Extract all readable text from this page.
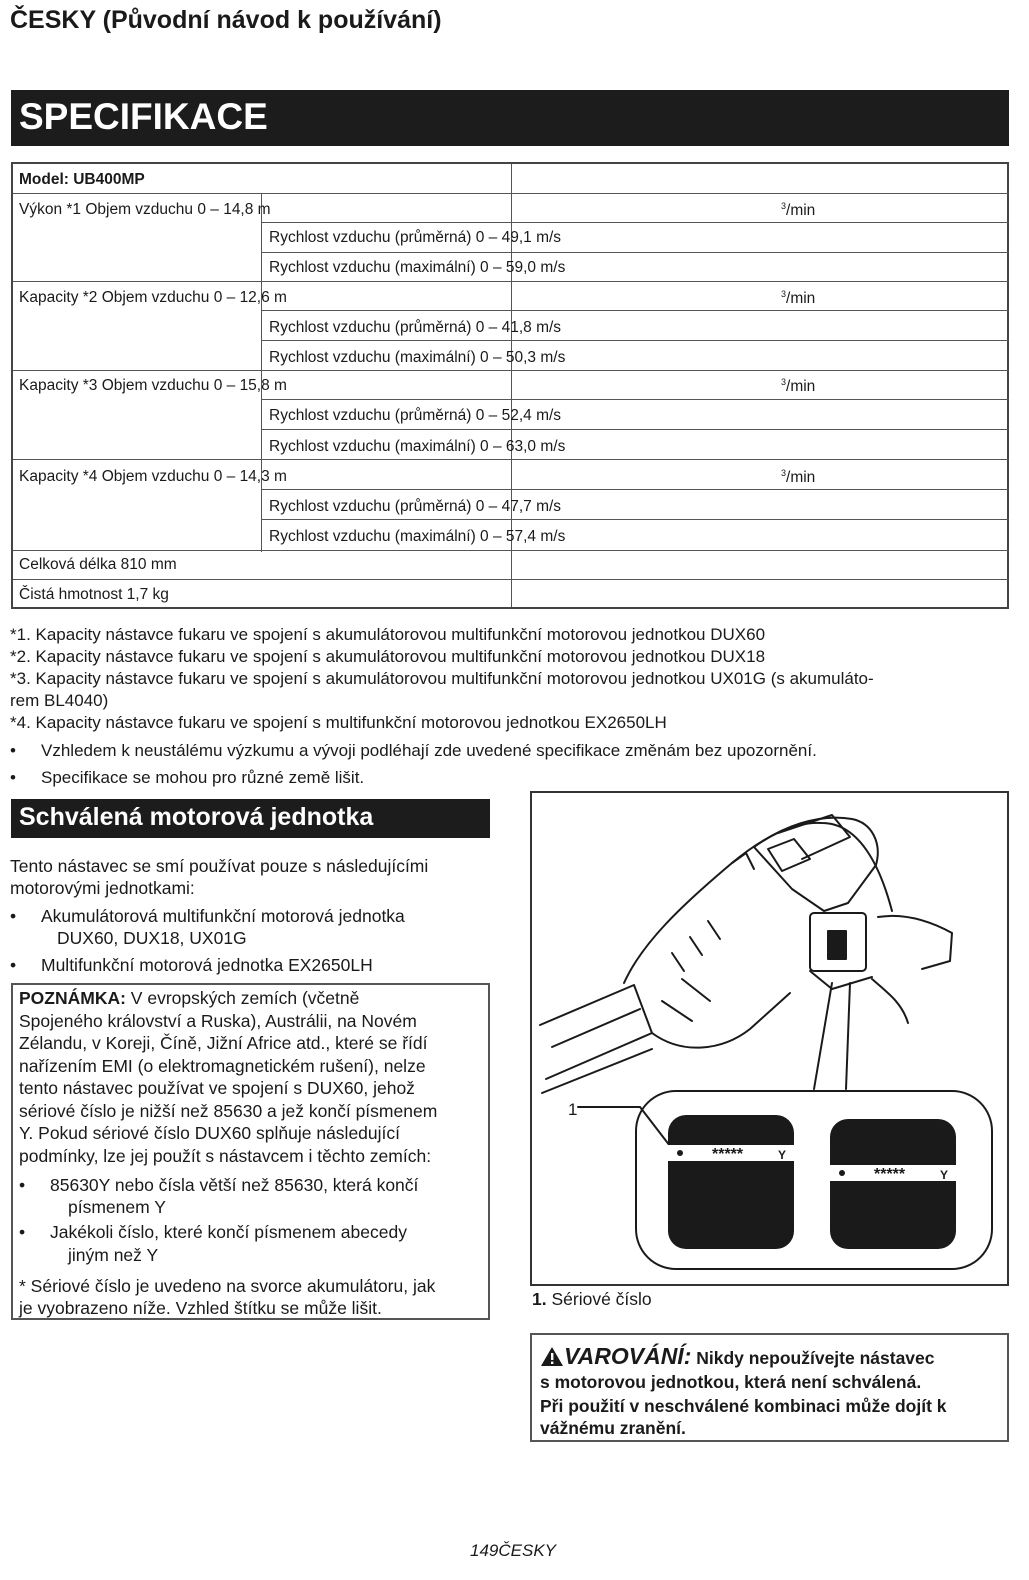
ČESKY (Původní návod k používání)
SPECIFIKACE
Model: UB400MP
Výkon *1 Objem vzduchu 0 – 14,8 m	$^3$/min
Rychlost vzduchu (průměrná) 0 – 49,1 m/s
Rychlost vzduchu (maximální) 0 – 59,0 m/s
Kapacity *2 Objem vzduchu 0 – 12,6 m	$^3$/min
Rychlost vzduchu (průměrná) 0 – 41,8 m/s
Rychlost vzduchu (maximální) 0 – 50,3 m/s
Kapacity *3 Objem vzduchu 0 – 15,8 m	$^3$/min
Rychlost vzduchu (průměrná) 0 – 52,4 m/s
Rychlost vzduchu (maximální) 0 – 63,0 m/s
Kapacity *4 Objem vzduchu 0 – 14,3 m	$^3$/min
Rychlost vzduchu (průměrná) 0 – 47,7 m/s
Rychlost vzduchu (maximální) 0 – 57,4 m/s
Celková délka 810 mm
Čistá hmotnost 1,7 kg
*1. Kapacity nástavce fukaru ve spojení s akumulátorovou multifunkční motorovou jednotkou DUX60
*2. Kapacity nástavce fukaru ve spojení s akumulátorovou multifunkční motorovou jednotkou DUX18
*3. Kapacity nástavce fukaru ve spojení s akumulátorovou multifunkční motorovou jednotkou UX01G (s akumuláto-
rem BL4040)
*4. Kapacity nástavce fukaru ve spojení s multifunkční motorovou jednotkou EX2650LH
• Vzhledem k neustálému výzkumu a vývoji podléhají zde uvedené specifikace změnám bez upozornění.
• Specifikace se mohou pro různé země lišit.
Schválená motorová jednotka
Tento nástavec se smí používat pouze s následujícími
motorovými jednotkami:
• Akumulátorová multifunkční motorová jednotka
DUX60, DUX18, UX01G
• Multifunkční motorová jednotka EX2650LH
POZNÁMKA: V evropských zemích (včetně
Spojeného království a Ruska), Austrálii, na Novém
Zélandu, v Koreji, Číně, Jižní Africe atd., které se řídí
nařízením EMI (o elektromagnetickém rušení), nelze
tento nástavec používat ve spojení s DUX60, jehož
sériové číslo je nižší než 85630 a jež končí písmenem
Y. Pokud sériové číslo DUX60 splňuje následující
podmínky, lze jej použít s nástavcem i těchto zemích:
• 85630Y nebo čísla větší než 85630, která končí
písmenem Y
• Jakékoli číslo, které končí písmenem abecedy
jiným než Y
* Sériové číslo je uvedeno na svorce akumulátoru, jak
je vyobrazeno níže. Vzhled štítku se může lišit.
1
*****	Y
*****	Y
1. Sériové číslo
VAROVÁNÍ: Nikdy nepoužívejte nástavec
s motorovou jednotkou, která není schválená.
Při použití v neschválené kombinaci může dojít k
vážnému zranění.
149ČESKY
